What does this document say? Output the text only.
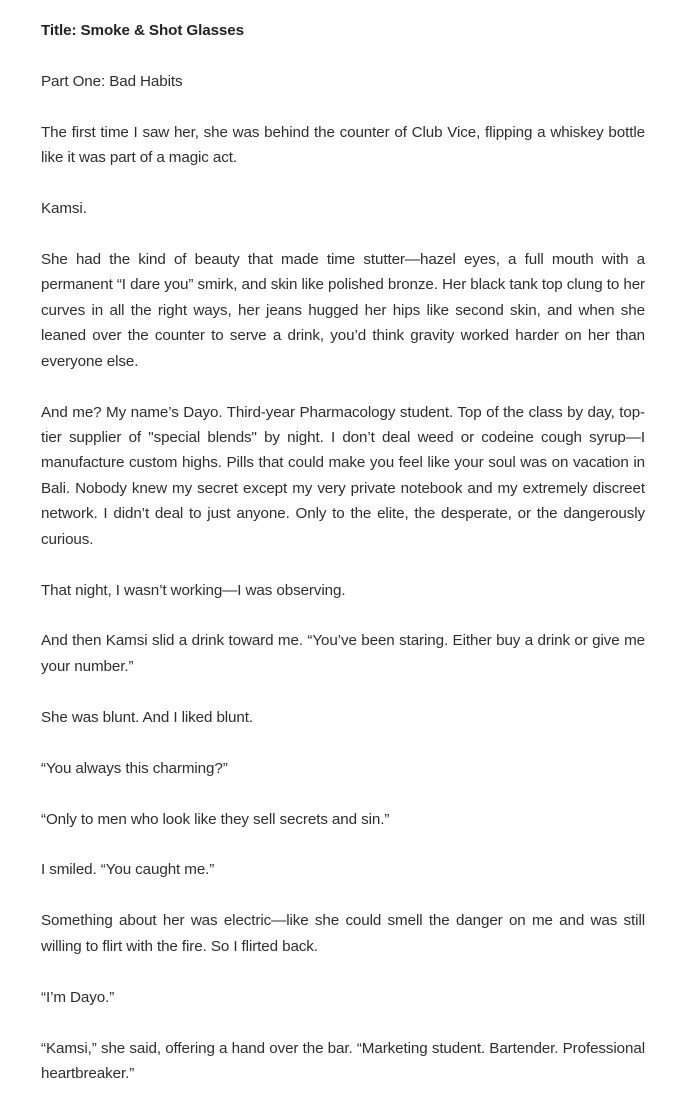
Title: Smoke & Shot Glasses

Part One: Bad Habits

The first time I saw her, she was behind the counter of Club Vice, flipping a whiskey bottle like it was part of a magic act.

Kamsi.

She had the kind of beauty that made time stutter—hazel eyes, a full mouth with a permanent “I dare you” smirk, and skin like polished bronze. Her black tank top clung to her curves in all the right ways, her jeans hugged her hips like second skin, and when she leaned over the counter to serve a drink, you’d think gravity worked harder on her than everyone else.

And me? My name’s Dayo. Third-year Pharmacology student. Top of the class by day, top-tier supplier of "special blends" by night. I don’t deal weed or codeine cough syrup—I manufacture custom highs. Pills that could make you feel like your soul was on vacation in Bali. Nobody knew my secret except my very private notebook and my extremely discreet network. I didn’t deal to just anyone. Only to the elite, the desperate, or the dangerously curious.

That night, I wasn’t working—I was observing.

And then Kamsi slid a drink toward me. “You’ve been staring. Either buy a drink or give me your number.”

She was blunt. And I liked blunt.

“You always this charming?”

“Only to men who look like they sell secrets and sin.”

I smiled. “You caught me.”

Something about her was electric—like she could smell the danger on me and was still willing to flirt with the fire. So I flirted back.

“I’m Dayo.”

“Kamsi,” she said, offering a hand over the bar. “Marketing student. Bartender. Professional heartbreaker.”
